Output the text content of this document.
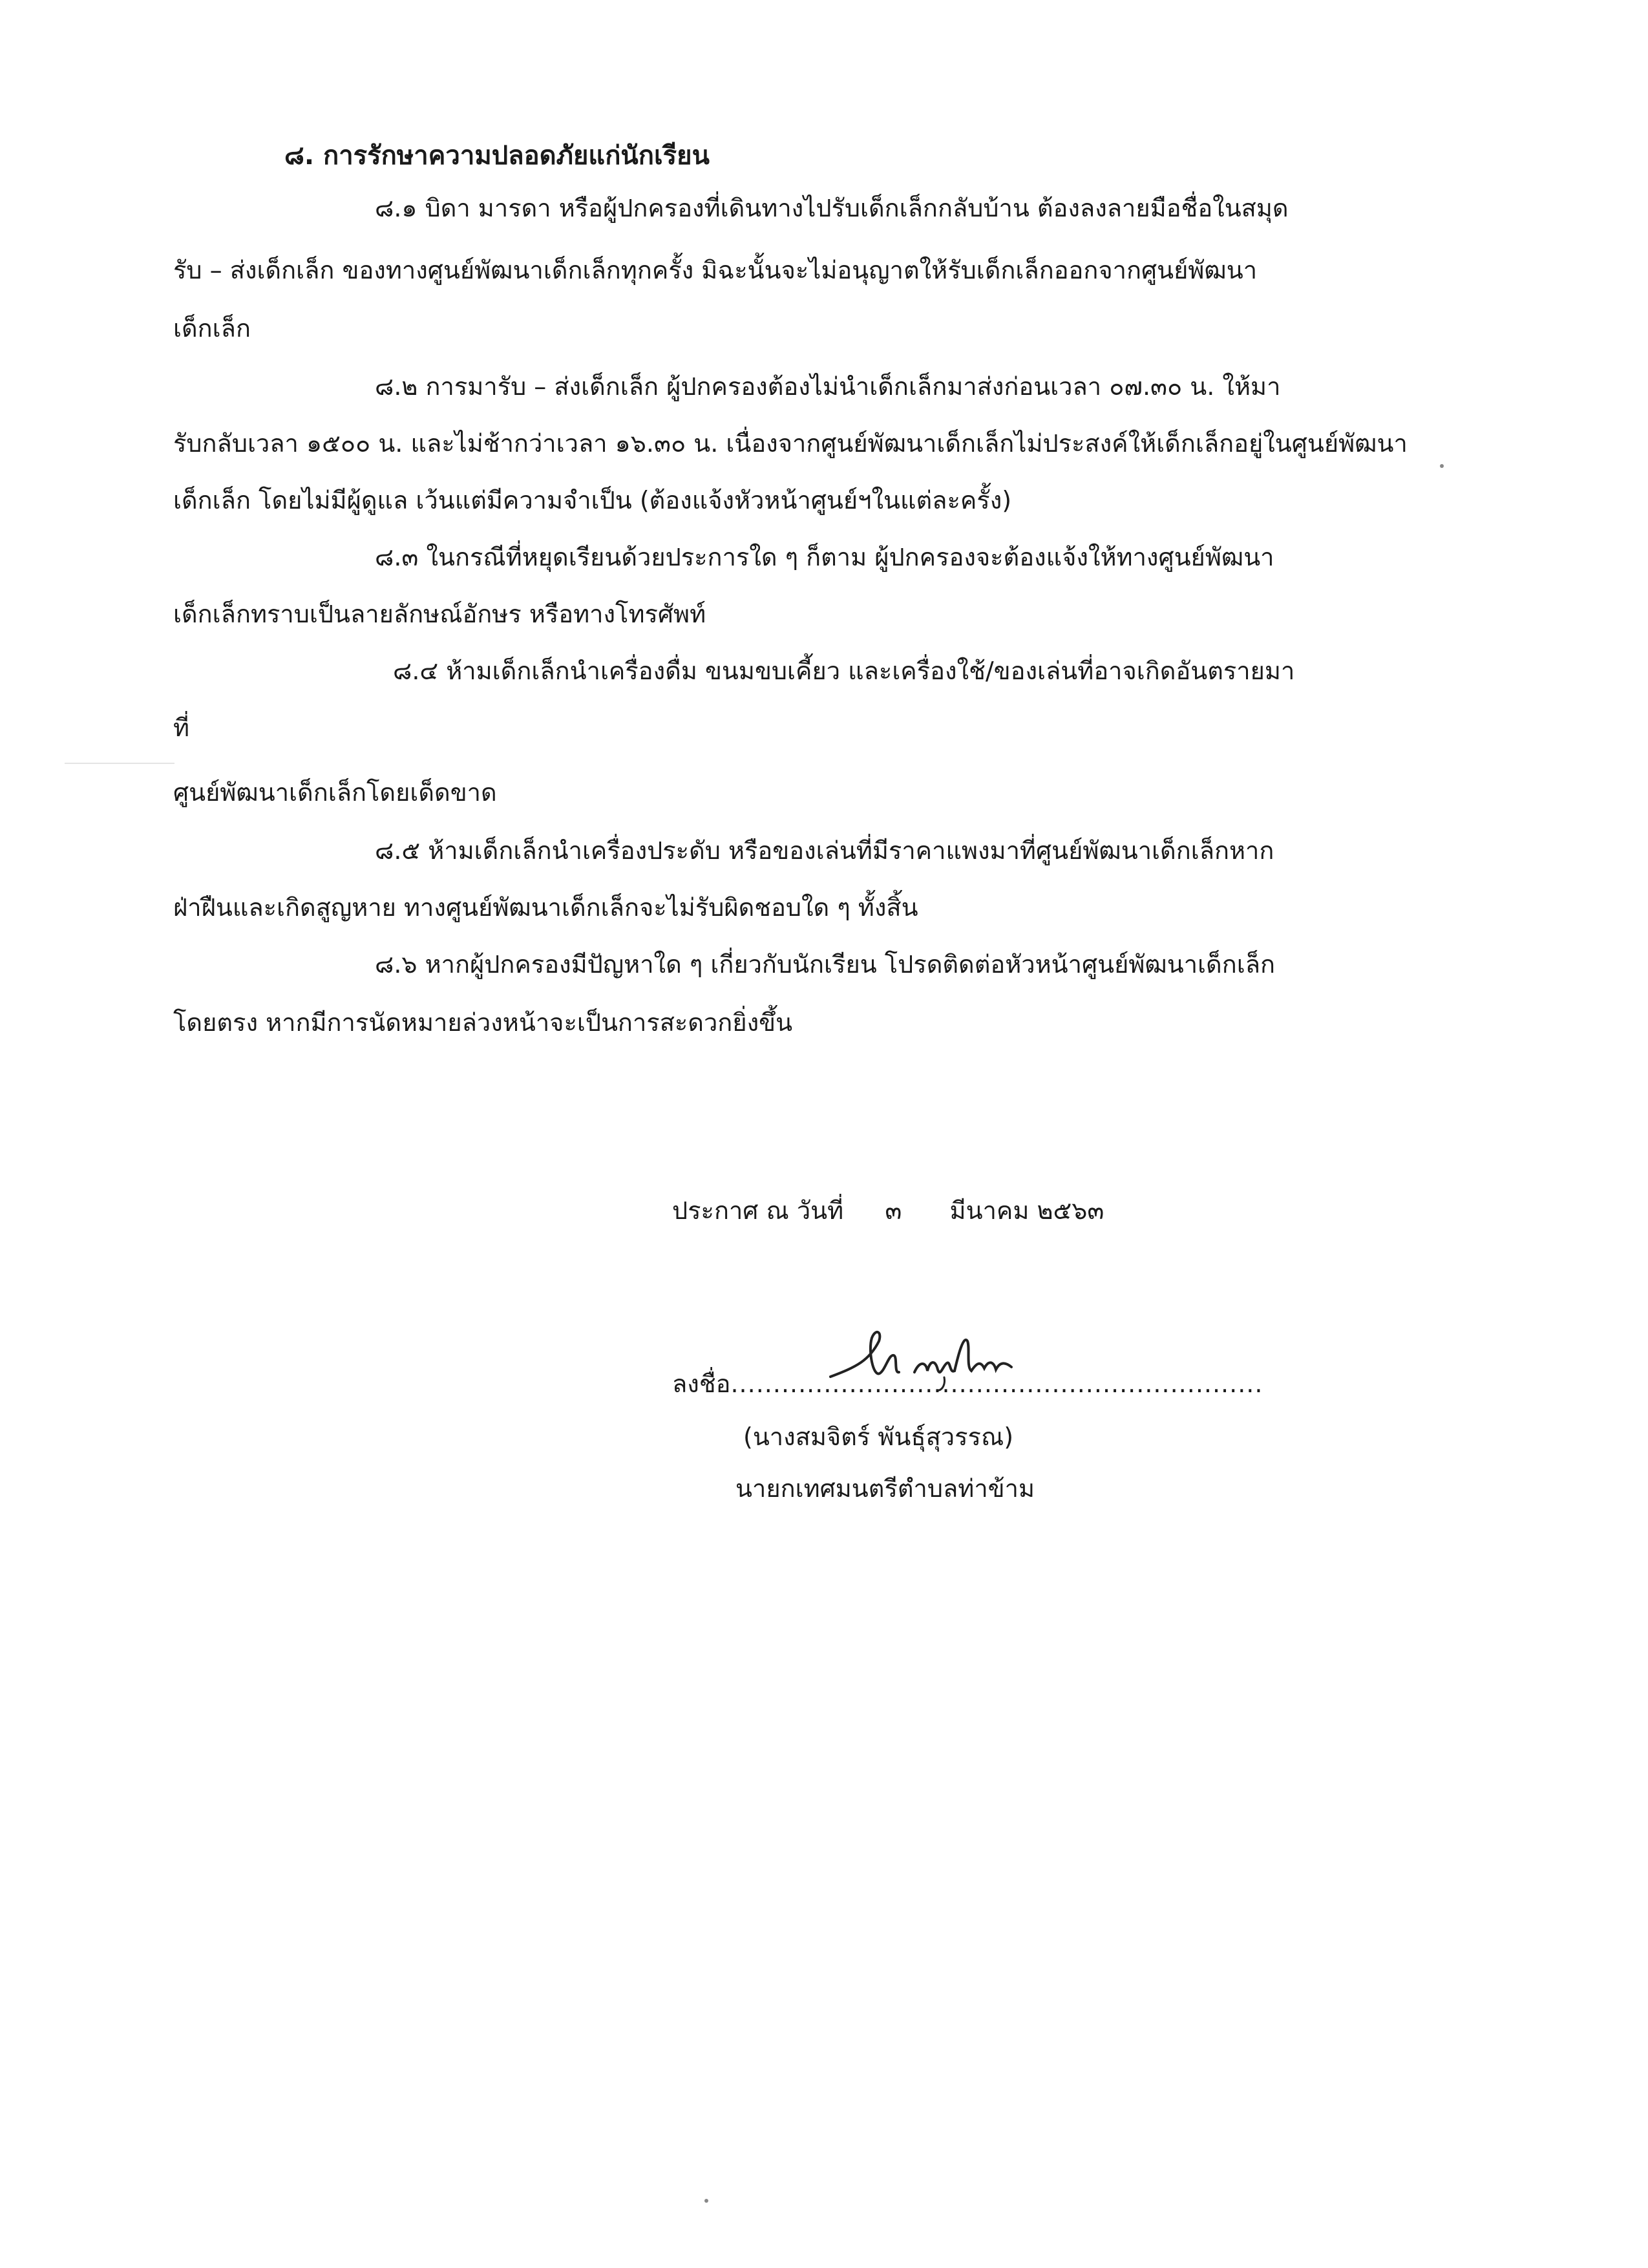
๘. การรักษาความปลอดภัยแก่นักเรียน
๘.๑ บิดา มารดา หรือผู้ปกครองที่เดินทางไปรับเด็กเล็กกลับบ้าน ต้องลงลายมือชื่อในสมุด
รับ – ส่งเด็กเล็ก ของทางศูนย์พัฒนาเด็กเล็กทุกครั้ง มิฉะนั้นจะไม่อนุญาตให้รับเด็กเล็กออกจากศูนย์พัฒนา
เด็กเล็ก
๘.๒ การมารับ – ส่งเด็กเล็ก ผู้ปกครองต้องไม่นำเด็กเล็กมาส่งก่อนเวลา ๐๗.๓๐ น. ให้มา
รับกลับเวลา ๑๕๐๐ น. และไม่ช้ากว่าเวลา ๑๖.๓๐ น. เนื่องจากศูนย์พัฒนาเด็กเล็กไม่ประสงค์ให้เด็กเล็กอยู่ในศูนย์พัฒนา
เด็กเล็ก โดยไม่มีผู้ดูแล เว้นแต่มีความจำเป็น (ต้องแจ้งหัวหน้าศูนย์ฯในแต่ละครั้ง)
๘.๓ ในกรณีที่หยุดเรียนด้วยประการใด ๆ ก็ตาม ผู้ปกครองจะต้องแจ้งให้ทางศูนย์พัฒนา
เด็กเล็กทราบเป็นลายลักษณ์อักษร หรือทางโทรศัพท์
๘.๔ ห้ามเด็กเล็กนำเครื่องดื่ม ขนมขบเคี้ยว และเครื่องใช้/ของเล่นที่อาจเกิดอันตรายมา
ที่
ศูนย์พัฒนาเด็กเล็กโดยเด็ดขาด
๘.๕ ห้ามเด็กเล็กนำเครื่องประดับ หรือของเล่นที่มีราคาแพงมาที่ศูนย์พัฒนาเด็กเล็กหาก
ฝ่าฝืนและเกิดสูญหาย ทางศูนย์พัฒนาเด็กเล็กจะไม่รับผิดชอบใด ๆ ทั้งสิ้น
๘.๖ หากผู้ปกครองมีปัญหาใด ๆ เกี่ยวกับนักเรียน โปรดติดต่อหัวหน้าศูนย์พัฒนาเด็กเล็ก
โดยตรง หากมีการนัดหมายล่วงหน้าจะเป็นการสะดวกยิ่งขึ้น
ประกาศ ณ วันที่ ๓ มีนาคม ๒๕๖๓
ลงชื่อ...............................................................
(นางสมจิตร์ พันธุ์สุวรรณ)
นายกเทศมนตรีตำบลท่าข้าม
